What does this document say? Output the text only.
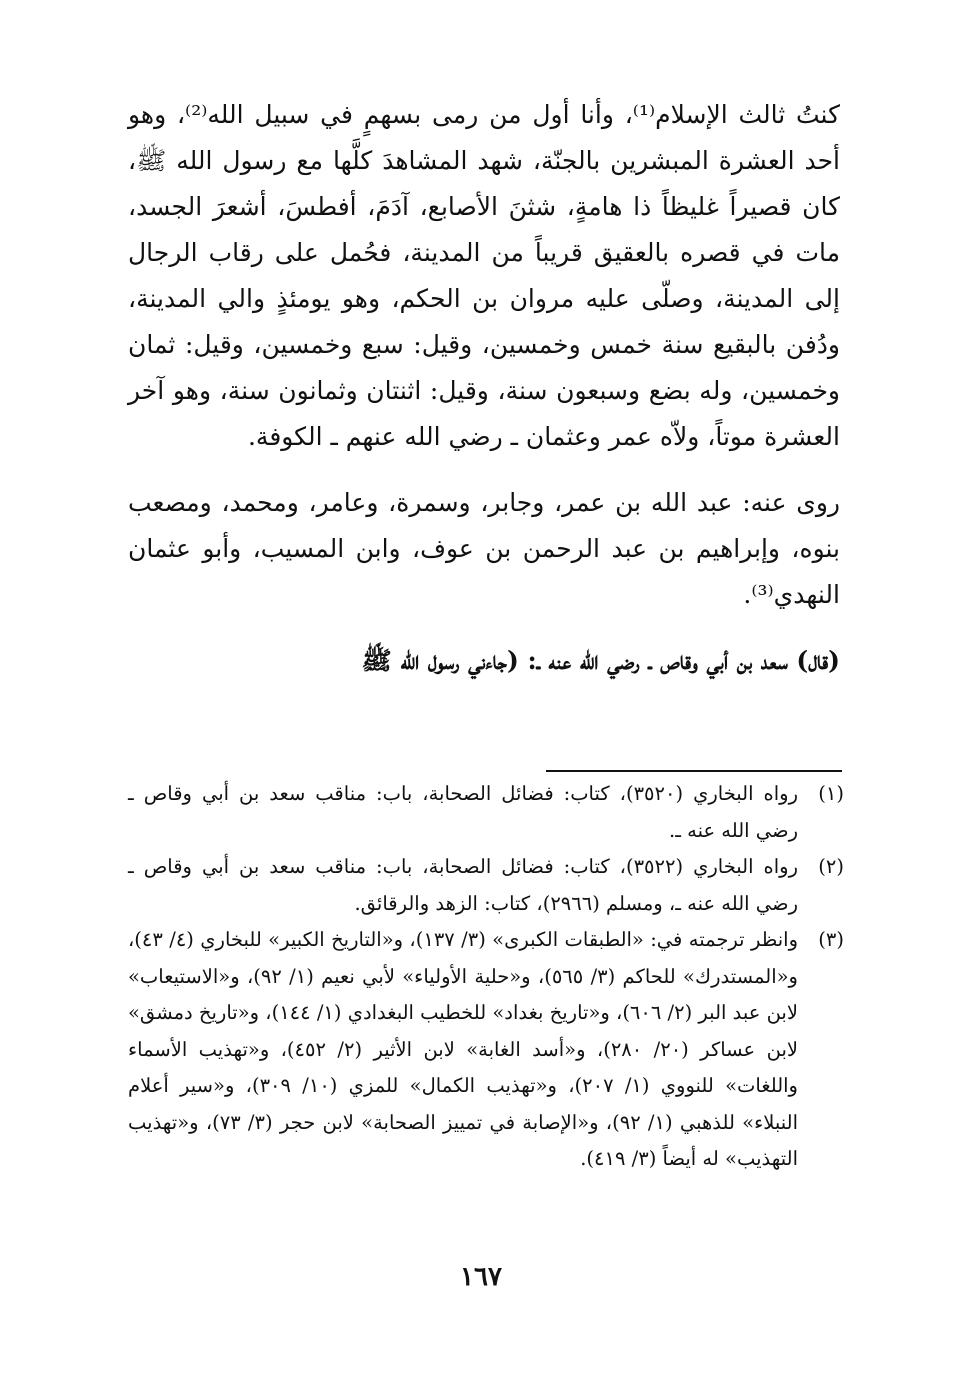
كنتُ ثالث الإسلام⁽¹⁾، وأنا أول من رمى بسهمٍ في سبيل الله⁽²⁾، وهو أحد العشرة المبشرين بالجنّة، شهد المشاهدَ كلَّها مع رسول الله ﷺ، كان قصيراً غليظاً ذا هامةٍ، شثنَ الأصابع، آدَمَ، أفطسَ، أشعرَ الجسد، مات في قصره بالعقيق قريباً من المدينة، فحُمل على رقاب الرجال إلى المدينة، وصلّى عليه مروان بن الحكم، وهو يومئذٍ والي المدينة، ودُفن بالبقيع سنة خمس وخمسين، وقيل: سبع وخمسين، وقيل: ثمان وخمسين، وله بضع وسبعون سنة، وقيل: اثنتان وثمانون سنة، وهو آخر العشرة موتاً، ولاّه عمر وعثمان ـ رضي الله عنهم ـ الكوفة.

روى عنه: عبد الله بن عمر، وجابر، وسمرة، وعامر، ومحمد، ومصعب بنوه، وإبراهيم بن عبد الرحمن بن عوف، وابن المسيب، وأبو عثمان النهدي⁽³⁾.

(قال) سعد بن أبي وقاص ـ رضي الله عنه ـ: (جاءني رسول الله ﷺ

(١)
رواه البخاري (٣٥٢٠)، كتاب: فضائل الصحابة، باب: مناقب سعد بن أبي وقاص ـ رضي الله عنه ـ.
(٢)
رواه البخاري (٣٥٢٢)، كتاب: فضائل الصحابة، باب: مناقب سعد بن أبي وقاص ـ رضي الله عنه ـ، ومسلم (٢٩٦٦)، كتاب: الزهد والرقائق.
(٣)
وانظر ترجمته في: «الطبقات الكبرى» (٣/ ١٣٧)، و«التاريخ الكبير» للبخاري (٤/ ٤٣)، و«المستدرك» للحاكم (٣/ ٥٦٥)، و«حلية الأولياء» لأبي نعيم (١/ ٩٢)، و«الاستيعاب» لابن عبد البر (٢/ ٦٠٦)، و«تاريخ بغداد» للخطيب البغدادي (١/ ١٤٤)، و«تاريخ دمشق» لابن عساكر (٢٠/ ٢٨٠)، و«أسد الغابة» لابن الأثير (٢/ ٤٥٢)، و«تهذيب الأسماء واللغات» للنووي (١/ ٢٠٧)، و«تهذيب الكمال» للمزي (١٠/ ٣٠٩)، و«سير أعلام النبلاء» للذهبي (١/ ٩٢)، و«الإصابة في تمييز الصحابة» لابن حجر (٣/ ٧٣)، و«تهذيب التهذيب» له أيضاً (٣/ ٤١٩).
١٦٧
